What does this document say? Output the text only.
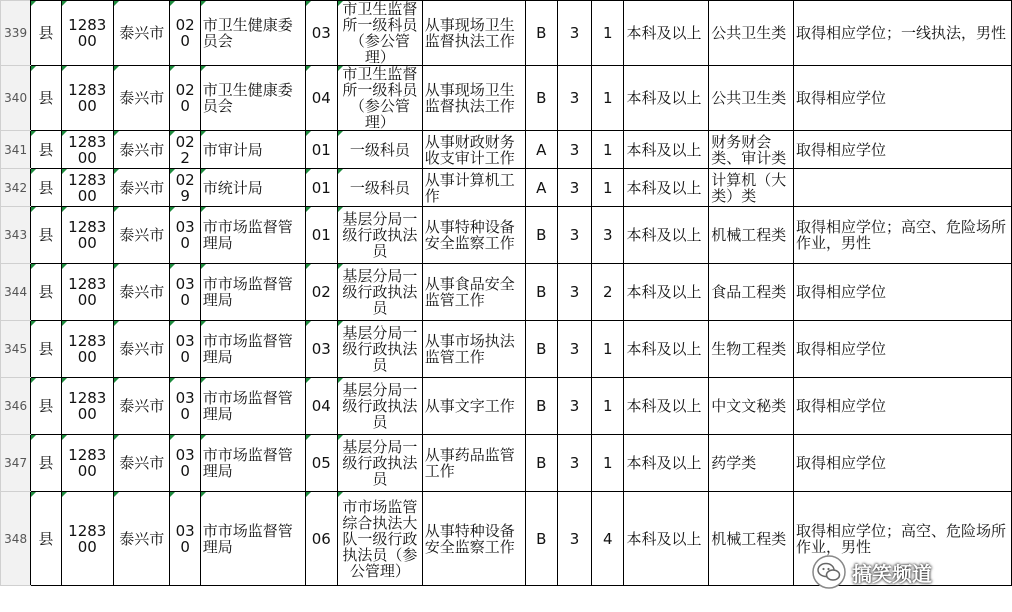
339	县	128300	泰兴市	020	市卫生健康委员会	03	市卫生监督所一级科员（参公管理）	从事现场卫生监督执法工作	B	3	1	本科及以上	公共卫生类	取得相应学位；一线执法，男性
340	县	128300	泰兴市	020	市卫生健康委员会	04	市卫生监督所一级科员（参公管理）	从事现场卫生监督执法工作	B	3	1	本科及以上	公共卫生类	取得相应学位
341	县	128300	泰兴市	022	市审计局	01	一级科员	从事财政财务收支审计工作	A	3	1	本科及以上	财务财会类、审计类	取得相应学位
342	县	128300	泰兴市	029	市统计局	01	一级科员	从事计算机工作	A	3	1	本科及以上	计算机（大类）类	
343	县	128300	泰兴市	030	市市场监督管理局	01	基层分局一级行政执法员	从事特种设备安全监察工作	B	3	3	本科及以上	机械工程类	取得相应学位；高空、危险场所作业，男性
344	县	128300	泰兴市	030	市市场监督管理局	02	基层分局一级行政执法员	从事食品安全监管工作	B	3	2	本科及以上	食品工程类	取得相应学位
345	县	128300	泰兴市	030	市市场监督管理局	03	基层分局一级行政执法员	从事市场执法监管工作	B	3	1	本科及以上	生物工程类	取得相应学位
346	县	128300	泰兴市	030	市市场监督管理局	04	基层分局一级行政执法员	从事文字工作	B	3	1	本科及以上	中文文秘类	取得相应学位
347	县	128300	泰兴市	030	市市场监督管理局	05	基层分局一级行政执法员	从事药品监管工作	B	3	1	本科及以上	药学类	取得相应学位
348	县	128300	泰兴市	030	市市场监督管理局	06	市市场监管综合执法大队一级行政执法员（参公管理）	从事特种设备安全监察工作	B	3	4	本科及以上	机械工程类	取得相应学位；高空、危险场所作业，男性
搞笑频道
